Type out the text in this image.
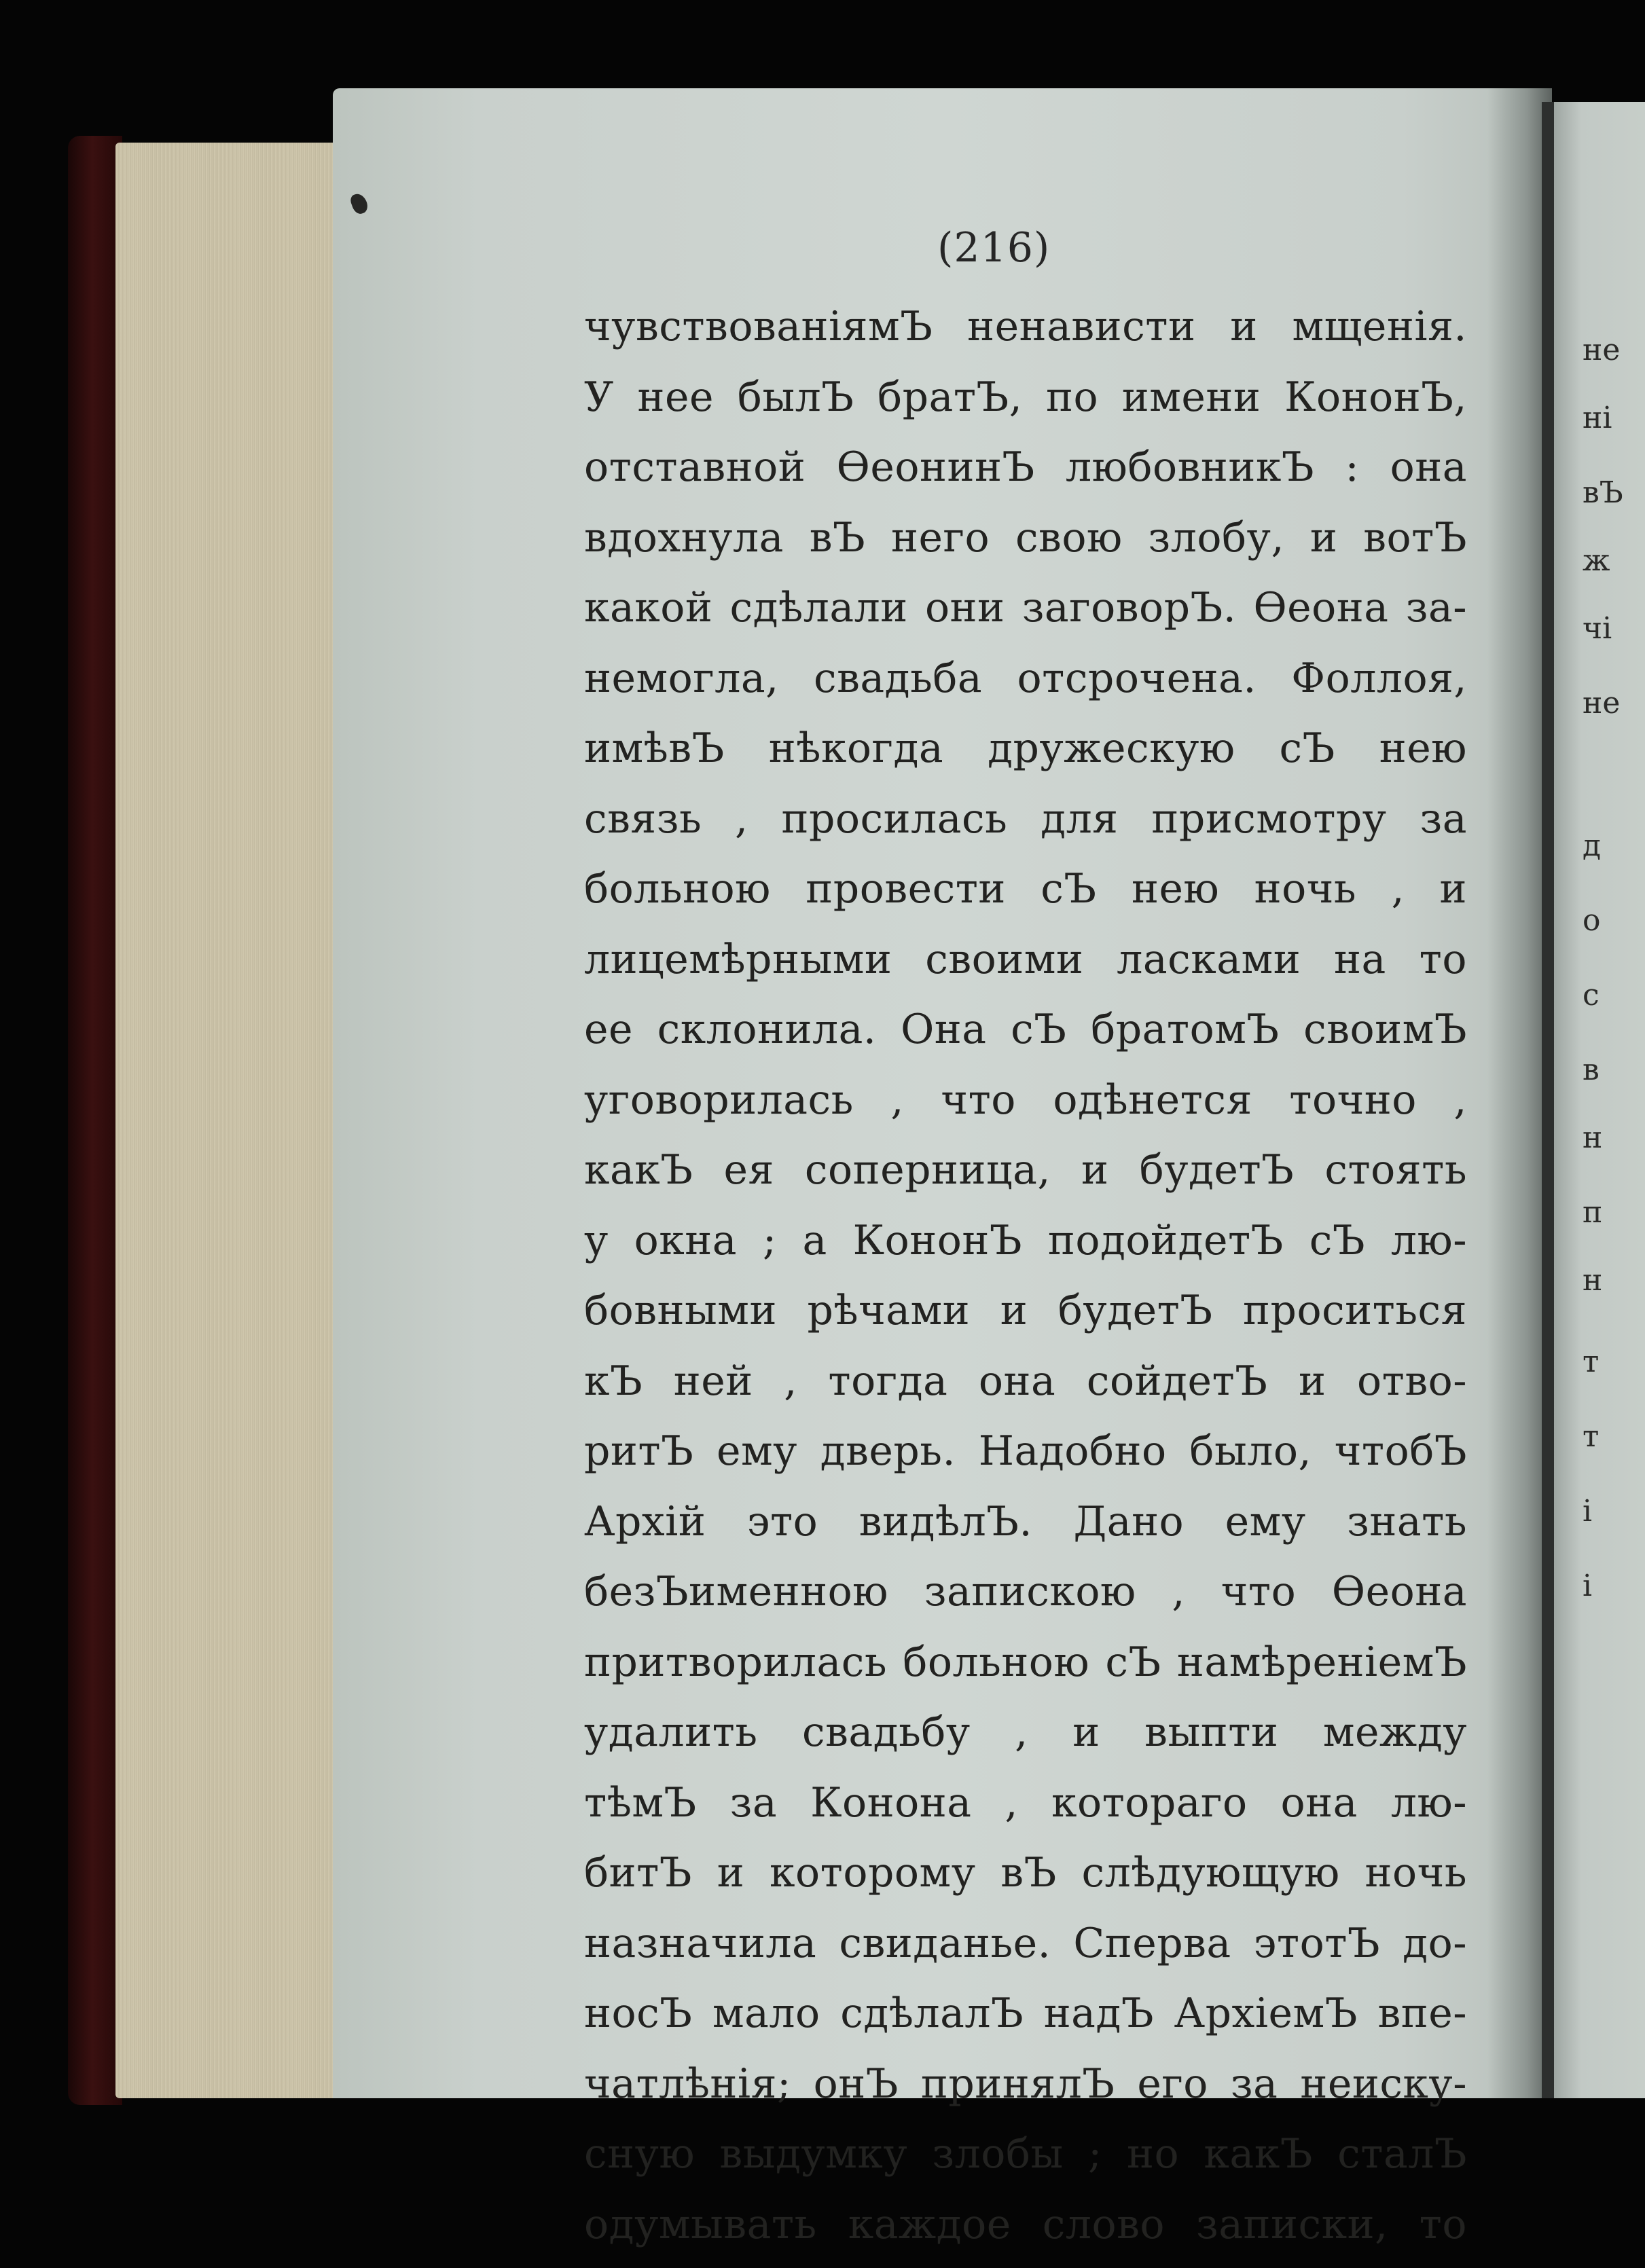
не
ні
вЪ
ж
чі
не
д
о
с
в
н
п
н
т
т
і
і
(216)
чувствованіямЪ ненависти и мщенія.
У нее былЪ братЪ, по имени КононЪ,
отставной ѲеонинЪ любовникЪ : она
вдохнула вЪ него свою злобу, и вотЪ
какой сдѣлали они заговорЪ. Ѳеона за-
немогла, свадьба отсрочена. Фоллоя,
имѣвЪ нѣкогда дружескую сЪ нею
связь , просилась для присмотру за
больною провести сЪ нею ночь , и
лицемѣрными своими ласками на то
ее склонила. Она сЪ братомЪ своимЪ
уговорилась , что одѣнется точно ,
какЪ ея соперница, и будетЪ стоять
у окна ; а КононЪ подойдетЪ сЪ лю-
бовными рѣчами и будетЪ проситься
кЪ ней , тогда она сойдетЪ и отво-
ритЪ ему дверь. Надобно было, чтобЪ
Архій это видѣлЪ. Дано ему знать
безЪименною запискою , что Ѳеона
притворилась больною сЪ намѣреніемЪ
удалить свадьбу , и выпти между
тѣмЪ за Конона , котораго она лю-
битЪ и которому вЪ слѣдующую ночь
назначила свиданье. Сперва этотЪ до-
носЪ мало сдѣлалЪ надЪ АрхіемЪ впе-
чатлѣнія; онЪ принялЪ его за неиску-
сную выдумку злобы ; но какЪ сталЪ
одумывать каждое слово записки, то
